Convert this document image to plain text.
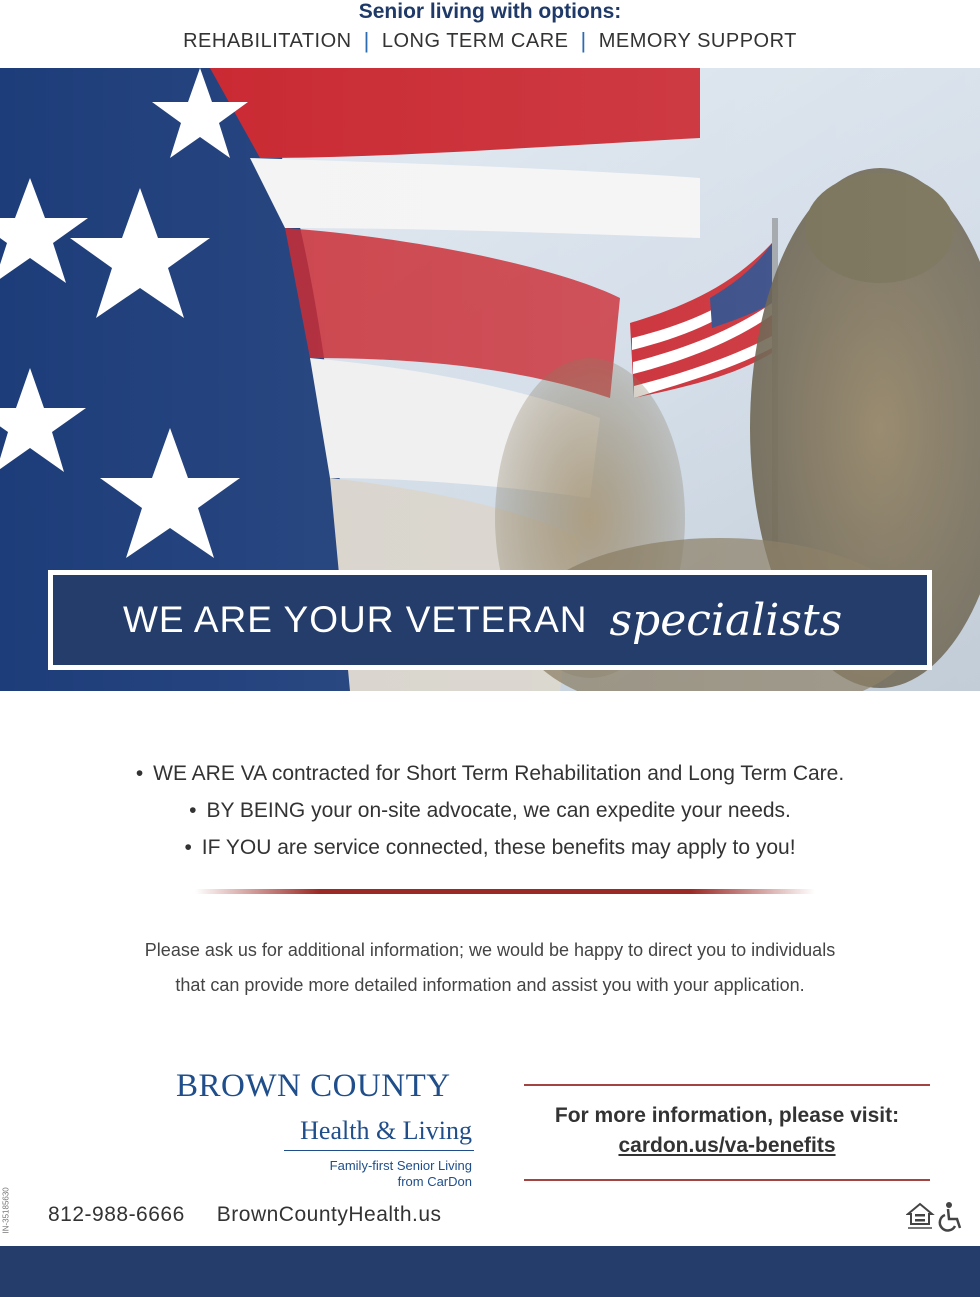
Senior living with options:
REHABILITATION | LONG TERM CARE | MEMORY SUPPORT
WE ARE YOUR VETERAN specialists
• WE ARE VA contracted for Short Term Rehabilitation and Long Term Care.
• BY BEING your on-site advocate, we can expedite your needs.
• IF YOU are service connected, these benefits may apply to you!
Please ask us for additional information; we would be happy to direct you to individuals
that can provide more detailed information and assist you with your application.
BROWN COUNTY
Health & Living
Family-first Senior Living
from CarDon
For more information, please visit:
cardon.us/va-benefits
IN-35185630 812-988-6666 BrownCountyHealth.us
